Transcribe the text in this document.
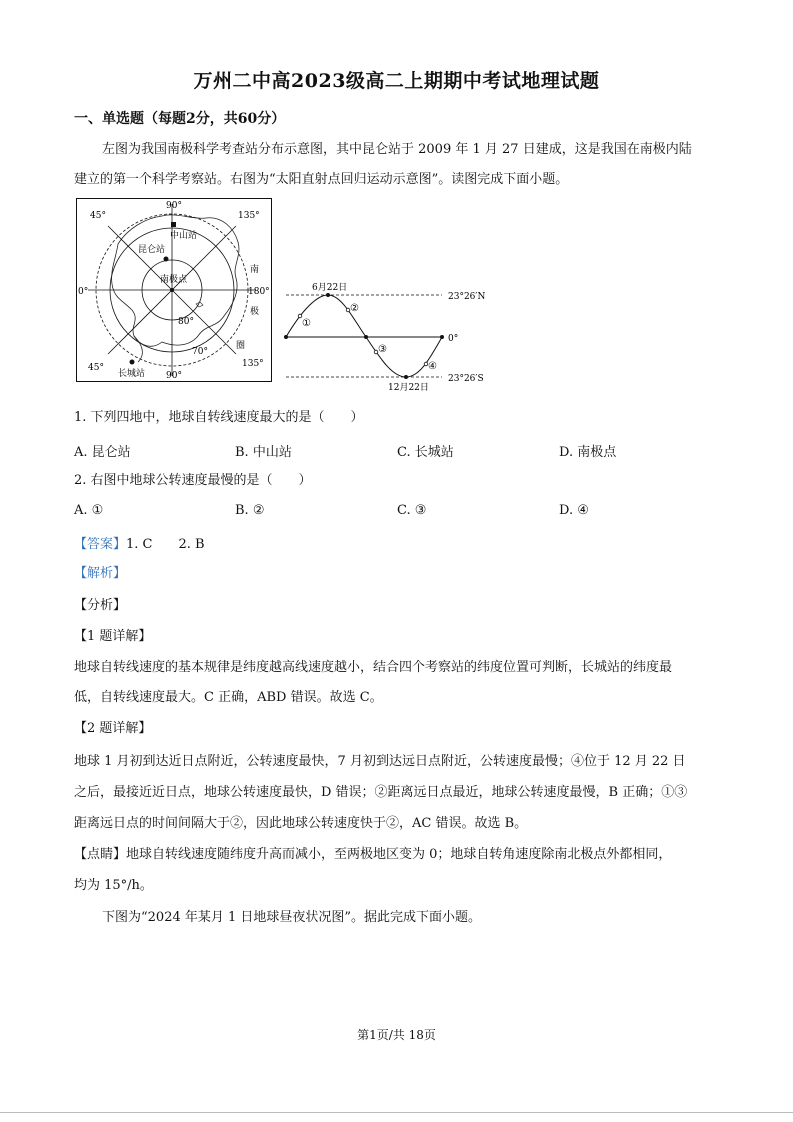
万州二中高2023级高二上期期中考试地理试题
一、单选题（每题2分，共60分）
左图为我国南极科学考查站分布示意图，其中昆仑站于 2009 年 1 月 27 日建成，这是我国在南极内陆
建立的第一个科学考察站。右图为“太阳直射点回归运动示意图”。读图完成下面小题。
90°
45°	135°
0°	180°
45°
90°
135°
80°
70°
中山站
昆仑站
南极点
长城站
南
极
圈
6月22日
12月22日
23°26′N
0°
23°26′S
①
②
③
④
1. 下列四地中，地球自转线速度最大的是（　　）
A. 昆仑站	B. 中山站	C. 长城站	D. 南极点
2. 右图中地球公转速度最慢的是（　　）
A. ①	B. ②	C. ③	D. ④
【答案】1. C　　2. B
【解析】
【分析】
【1 题详解】
地球自转线速度的基本规律是纬度越高线速度越小，结合四个考察站的纬度位置可判断，长城站的纬度最
低，自转线速度最大。C 正确，ABD 错误。故选 C。
【2 题详解】
地球 1 月初到达近日点附近，公转速度最快，7 月初到达远日点附近，公转速度最慢；④位于 12 月 22 日
之后，最接近近日点，地球公转速度最快，D 错误；②距离远日点最近，地球公转速度最慢，B 正确；①③
距离远日点的时间间隔大于②，因此地球公转速度快于②，AC 错误。故选 B。
【点睛】地球自转线速度随纬度升高而减小，至两极地区变为 0；地球自转角速度除南北极点外都相同，
均为 15°/h。
下图为“2024 年某月 1 日地球昼夜状况图”。据此完成下面小题。
第1页/共 18页
